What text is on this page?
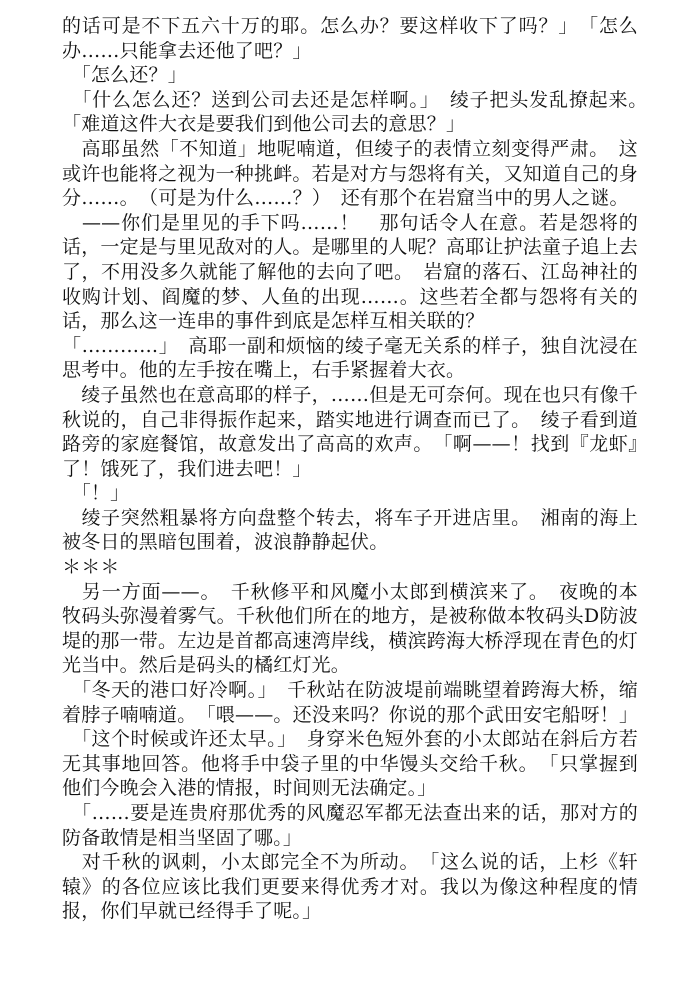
的话可是不下五六十万的耶。怎么办？要这样收下了吗？」　「怎么办……只能拿去还他了吧？」

　「怎么还？」

　「什么怎么还？送到公司去还是怎样啊。」　绫子把头发乱撩起来。　「难道这件大衣是要我们到他公司去的意思？」

　高耶虽然「不知道」地呢喃道，但绫子的表情立刻变得严肃。　这或许也能将之视为一种挑衅。若是对方与怨将有关，又知道自己的身分……。　（可是为什么……？）　还有那个在岩窟当中的男人之谜。

　——你们是里见的手下吗……！　那句话令人在意。若是怨将的话，一定是与里见敌对的人。是哪里的人呢？高耶让护法童子追上去了，不用没多久就能了解他的去向了吧。　岩窟的落石、江岛神社的收购计划、阎魔的梦、人鱼的出现……。这些若全都与怨将有关的话，那么这一连串的事件到底是怎样互相关联的？

「…………」　高耶一副和烦恼的绫子毫无关系的样子，独自沈浸在思考中。他的左手按在嘴上，右手紧握着大衣。

　绫子虽然也在意高耶的样子，……但是无可奈何。现在也只有像千秋说的，自己非得振作起来，踏实地进行调查而已了。　绫子看到道路旁的家庭餐馆，故意发出了高高的欢声。　「啊——！找到『龙虾』了！饿死了，我们进去吧！」

　「！」

　绫子突然粗暴将方向盘整个转去，将车子开进店里。　湘南的海上被冬日的黑暗包围着，波浪静静起伏。

＊＊＊

　另一方面——。　千秋修平和风魔小太郎到横滨来了。　夜晚的本牧码头弥漫着雾气。千秋他们所在的地方，是被称做本牧码头D防波堤的那一带。左边是首都高速湾岸线，横滨跨海大桥浮现在青色的灯光当中。然后是码头的橘红灯光。

　「冬天的港口好冷啊。」　千秋站在防波堤前端眺望着跨海大桥，缩着脖子喃喃道。　「喂——。还没来吗？你说的那个武田安宅船呀！」

　「这个时候或许还太早。」　身穿米色短外套的小太郎站在斜后方若无其事地回答。他将手中袋子里的中华馒头交给千秋。　「只掌握到他们今晚会入港的情报，时间则无法确定。」

　「……要是连贵府那优秀的风魔忍军都无法查出来的话，那对方的防备敢情是相当坚固了哪。」

　对千秋的讽刺，小太郎完全不为所动。　「这么说的话，上杉《轩辕》的各位应该比我们更要来得优秀才对。我以为像这种程度的情报，你们早就已经得手了呢。」
